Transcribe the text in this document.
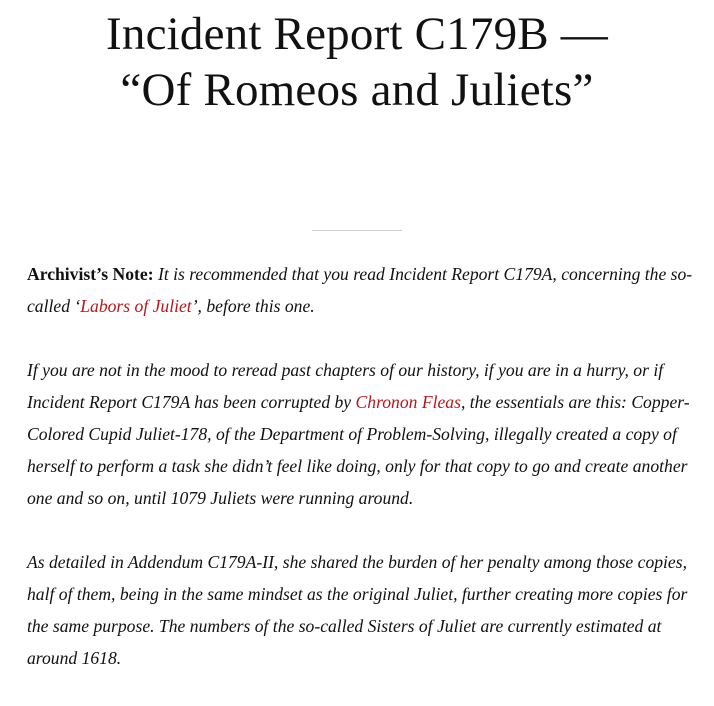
Incident Report C179B —
“Of Romeos and Juliets”

Archivist’s Note: It is recommended that you read Incident Report C179A, concerning the so-called ‘Labors of Juliet’, before this one.

If you are not in the mood to reread past chapters of our history, if you are in a hurry, or if Incident Report C179A has been corrupted by Chronon Fleas, the essentials are this: Copper-Colored Cupid Juliet-178, of the Department of Problem-Solving, illegally created a copy of herself to perform a task she didn’t feel like doing, only for that copy to go and create another one and so on, until 1079 Juliets were running around.

As detailed in Addendum C179A-II, she shared the burden of her penalty among those copies, half of them, being in the same mindset as the original Juliet, further creating more copies for the same purpose. The numbers of the so-called Sisters of Juliet are currently estimated at around 1618.
